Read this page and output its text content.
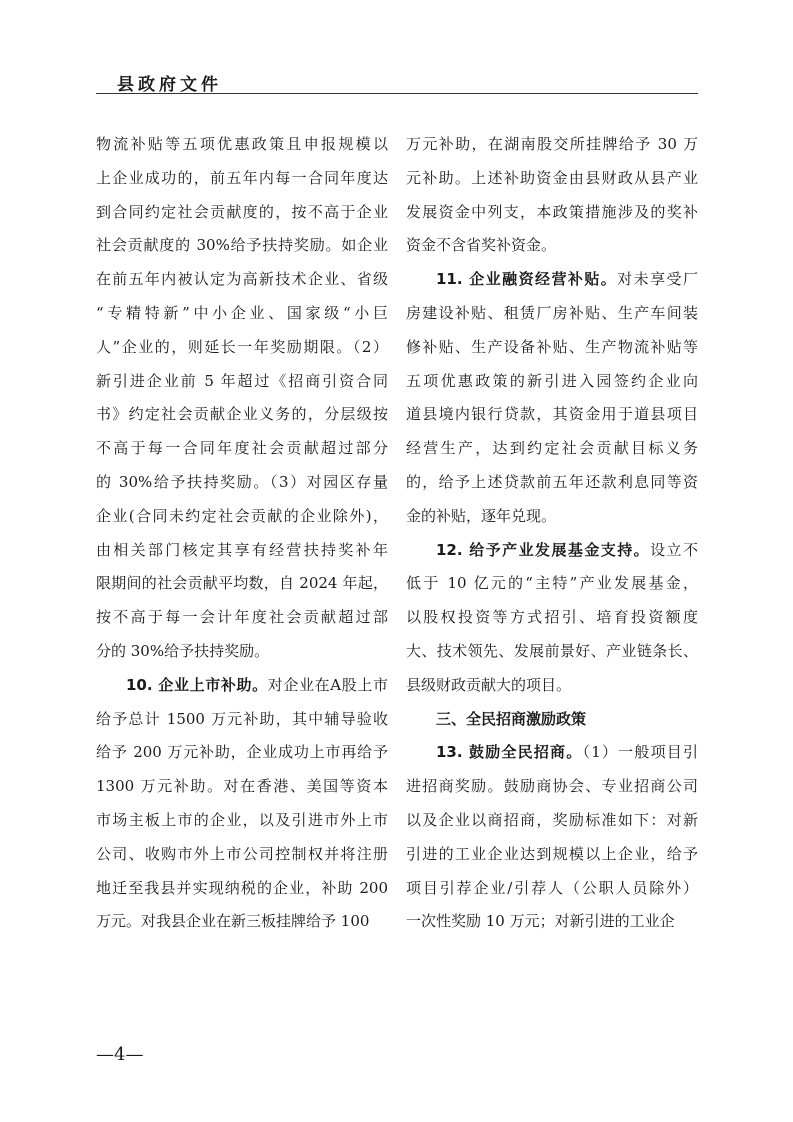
县政府文件
物流补贴等五项优惠政策且申报规模以
上企业成功的，前五年内每一合同年度达
到合同约定社会贡献度的，按不高于企业
社会贡献度的 30%给予扶持奖励。如企业
在前五年内被认定为高新技术企业、省级
“专精特新”中小企业、国家级“小巨
人”企业的，则延长一年奖励期限。（2）
新引进企业前 5 年超过《招商引资合同
书》约定社会贡献企业义务的，分层级按
不高于每一合同年度社会贡献超过部分
的 30%给予扶持奖励。（3）对园区存量
企业(合同未约定社会贡献的企业除外)，
由相关部门核定其享有经营扶持奖补年
限期间的社会贡献平均数，自 2024 年起，
按不高于每一会计年度社会贡献超过部
分的 30%给予扶持奖励。
10. 企业上市补助。对企业在A股上市
给予总计 1500 万元补助，其中辅导验收
给予 200 万元补助，企业成功上市再给予
1300 万元补助。对在香港、美国等资本
市场主板上市的企业，以及引进市外上市
公司、收购市外上市公司控制权并将注册
地迁至我县并实现纳税的企业，补助 200
万元。对我县企业在新三板挂牌给予 100
万元补助，在湖南股交所挂牌给予 30 万
元补助。上述补助资金由县财政从县产业
发展资金中列支，本政策措施涉及的奖补
资金不含省奖补资金。
11. 企业融资经营补贴。对未享受厂
房建设补贴、租赁厂房补贴、生产车间装
修补贴、生产设备补贴、生产物流补贴等
五项优惠政策的新引进入园签约企业向
道县境内银行贷款，其资金用于道县项目
经营生产，达到约定社会贡献目标义务
的，给予上述贷款前五年还款利息同等资
金的补贴，逐年兑现。
12. 给予产业发展基金支持。设立不
低于 10 亿元的“主特”产业发展基金，
以股权投资等方式招引、培育投资额度
大、技术领先、发展前景好、产业链条长、
县级财政贡献大的项目。
三、全民招商激励政策
13. 鼓励全民招商。（1）一般项目引
进招商奖励。鼓励商协会、专业招商公司
以及企业以商招商，奖励标准如下：对新
引进的工业企业达到规模以上企业，给予
项目引荐企业/引荐人（公职人员除外）
一次性奖励 10 万元；对新引进的工业企
—4—
